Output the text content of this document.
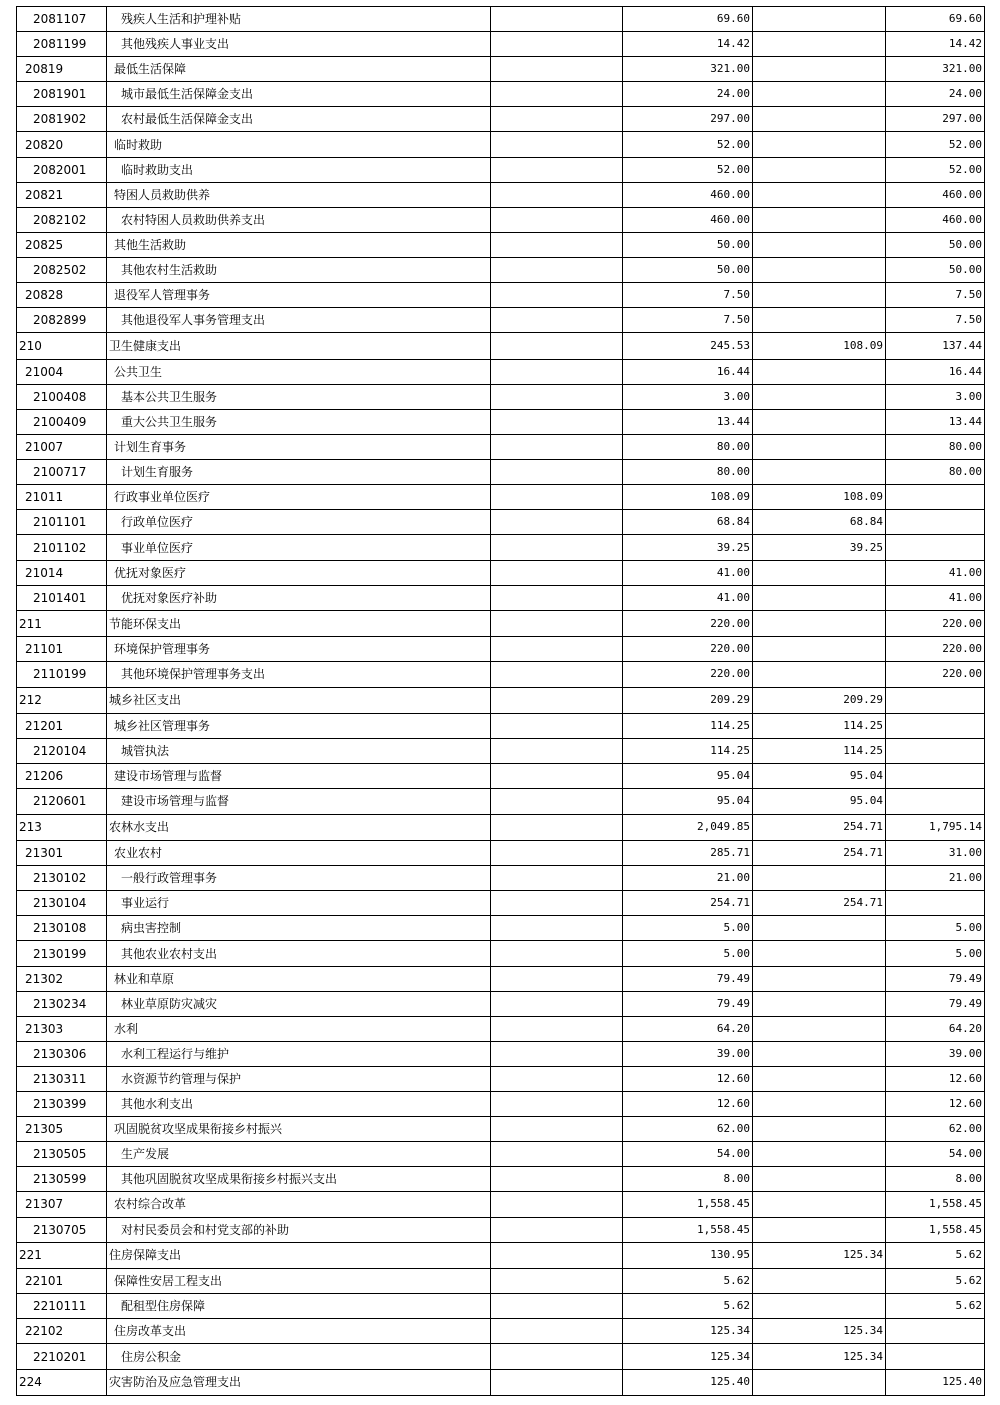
2081107	残疾人生活和护理补贴		69.60		69.60
2081199	其他残疾人事业支出		14.42		14.42
20819	最低生活保障		321.00		321.00
2081901	城市最低生活保障金支出		24.00		24.00
2081902	农村最低生活保障金支出		297.00		297.00
20820	临时救助		52.00		52.00
2082001	临时救助支出		52.00		52.00
20821	特困人员救助供养		460.00		460.00
2082102	农村特困人员救助供养支出		460.00		460.00
20825	其他生活救助		50.00		50.00
2082502	其他农村生活救助		50.00		50.00
20828	退役军人管理事务		7.50		7.50
2082899	其他退役军人事务管理支出		7.50		7.50
210	卫生健康支出		245.53	108.09	137.44
21004	公共卫生		16.44		16.44
2100408	基本公共卫生服务		3.00		3.00
2100409	重大公共卫生服务		13.44		13.44
21007	计划生育事务		80.00		80.00
2100717	计划生育服务		80.00		80.00
21011	行政事业单位医疗		108.09	108.09	
2101101	行政单位医疗		68.84	68.84	
2101102	事业单位医疗		39.25	39.25	
21014	优抚对象医疗		41.00		41.00
2101401	优抚对象医疗补助		41.00		41.00
211	节能环保支出		220.00		220.00
21101	环境保护管理事务		220.00		220.00
2110199	其他环境保护管理事务支出		220.00		220.00
212	城乡社区支出		209.29	209.29	
21201	城乡社区管理事务		114.25	114.25	
2120104	城管执法		114.25	114.25	
21206	建设市场管理与监督		95.04	95.04	
2120601	建设市场管理与监督		95.04	95.04	
213	农林水支出		2,049.85	254.71	1,795.14
21301	农业农村		285.71	254.71	31.00
2130102	一般行政管理事务		21.00		21.00
2130104	事业运行		254.71	254.71	
2130108	病虫害控制		5.00		5.00
2130199	其他农业农村支出		5.00		5.00
21302	林业和草原		79.49		79.49
2130234	林业草原防灾减灾		79.49		79.49
21303	水利		64.20		64.20
2130306	水利工程运行与维护		39.00		39.00
2130311	水资源节约管理与保护		12.60		12.60
2130399	其他水利支出		12.60		12.60
21305	巩固脱贫攻坚成果衔接乡村振兴		62.00		62.00
2130505	生产发展		54.00		54.00
2130599	其他巩固脱贫攻坚成果衔接乡村振兴支出		8.00		8.00
21307	农村综合改革		1,558.45		1,558.45
2130705	对村民委员会和村党支部的补助		1,558.45		1,558.45
221	住房保障支出		130.95	125.34	5.62
22101	保障性安居工程支出		5.62		5.62
2210111	配租型住房保障		5.62		5.62
22102	住房改革支出		125.34	125.34	
2210201	住房公积金		125.34	125.34	
224	灾害防治及应急管理支出		125.40		125.40
